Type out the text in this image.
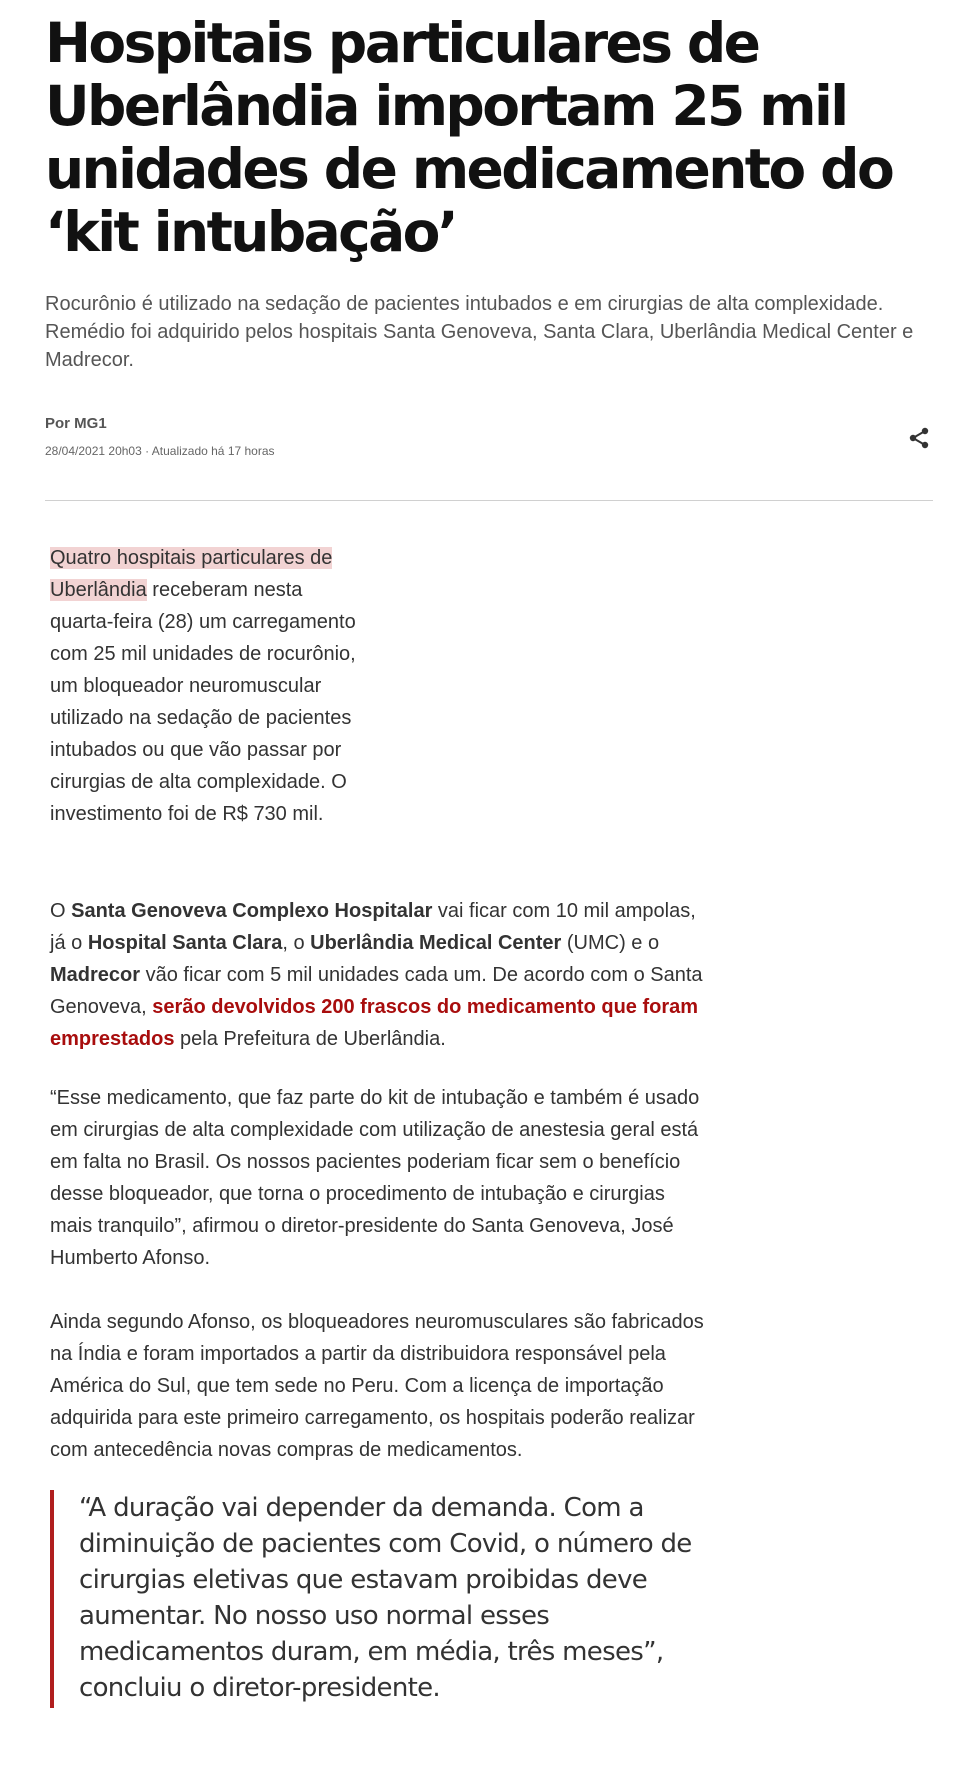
Hospitais particulares de Uberlândia importam 25 mil unidades de medicamento do ‘kit intubação’

Rocurônio é utilizado na sedação de pacientes intubados e em cirurgias de alta complexidade. Remédio foi adquirido pelos hospitais Santa Genoveva, Santa Clara, Uberlândia Medical Center e Madrecor.

Por MG1
28/04/2021 20h03 · Atualizado há 17 horas

Quatro hospitais particulares de Uberlândia receberam nesta quarta-feira (28) um carregamento com 25 mil unidades de rocurônio, um bloqueador neuromuscular utilizado na sedação de pacientes intubados ou que vão passar por cirurgias de alta complexidade. O investimento foi de R$ 730 mil.

O Santa Genoveva Complexo Hospitalar vai ficar com 10 mil ampolas, já o Hospital Santa Clara, o Uberlândia Medical Center (UMC) e o Madrecor vão ficar com 5 mil unidades cada um. De acordo com o Santa Genoveva, serão devolvidos 200 frascos do medicamento que foram emprestados pela Prefeitura de Uberlândia.

“Esse medicamento, que faz parte do kit de intubação e também é usado em cirurgias de alta complexidade com utilização de anestesia geral está em falta no Brasil. Os nossos pacientes poderiam ficar sem o benefício desse bloqueador, que torna o procedimento de intubação e cirurgias mais tranquilo”, afirmou o diretor-presidente do Santa Genoveva, José Humberto Afonso.

Ainda segundo Afonso, os bloqueadores neuromusculares são fabricados na Índia e foram importados a partir da distribuidora responsável pela América do Sul, que tem sede no Peru. Com a licença de importação adquirida para este primeiro carregamento, os hospitais poderão realizar com antecedência novas compras de medicamentos.

“A duração vai depender da demanda. Com a diminuição de pacientes com Covid, o número de cirurgias eletivas que estavam proibidas deve aumentar. No nosso uso normal esses medicamentos duram, em média, três meses”, concluiu o diretor-presidente.
